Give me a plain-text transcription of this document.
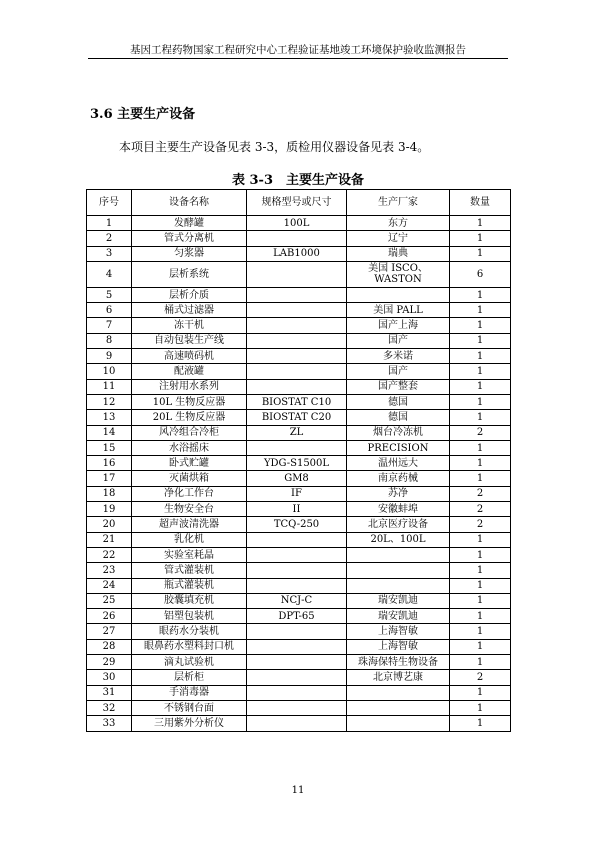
基因工程药物国家工程研究中心工程验证基地竣工环境保护验收监测报告
3.6 主要生产设备
本项目主要生产设备见表 3-3，质检用仪器设备见表 3-4。
表 3-3　主要生产设备
序号	设备名称	规格型号或尺寸	生产厂家	数量
1	发酵罐	100L	东方	1
2	管式分离机		辽宁	1
3	匀浆器	LAB1000	瑞典	1
4	层析系统		美国 ISCO、WASTON	6
5	层析介质			1
6	桶式过滤器		美国 PALL	1
7	冻干机		国产上海	1
8	自动包装生产线		国产	1
9	高速喷码机		多米诺	1
10	配液罐		国产	1
11	注射用水系列		国产整套	1
12	10L 生物反应器	BIOSTAT C10	德国	1
13	20L 生物反应器	BIOSTAT C20	德国	1
14	风冷组合冷柜	ZL	烟台冷冻机	2
15	水浴摇床		PRECISION	1
16	卧式贮罐	YDG-S1500L	温州远大	1
17	灭菌烘箱	GM8	南京药械	1
18	净化工作台	IF	苏净	2
19	生物安全台	II	安徽蚌埠	2
20	超声波清洗器	TCQ-250	北京医疗设备	2
21	乳化机		20L、100L	1
22	实验室耗晶			1
23	管式灌装机			1
24	瓶式灌装机			1
25	胶囊填充机	NCJ-C	瑞安凯迪	1
26	铝塑包装机	DPT-65	瑞安凯迪	1
27	眼药水分装机		上海智敏	1
28	眼鼻药水塑料封口机		上海智敏	1
29	滴丸试验机		珠海保特生物设备	1
30	层析柜		北京博艺康	2
31	手消毒器			1
32	不锈钢台面			1
33	三用紫外分析仪			1
11
